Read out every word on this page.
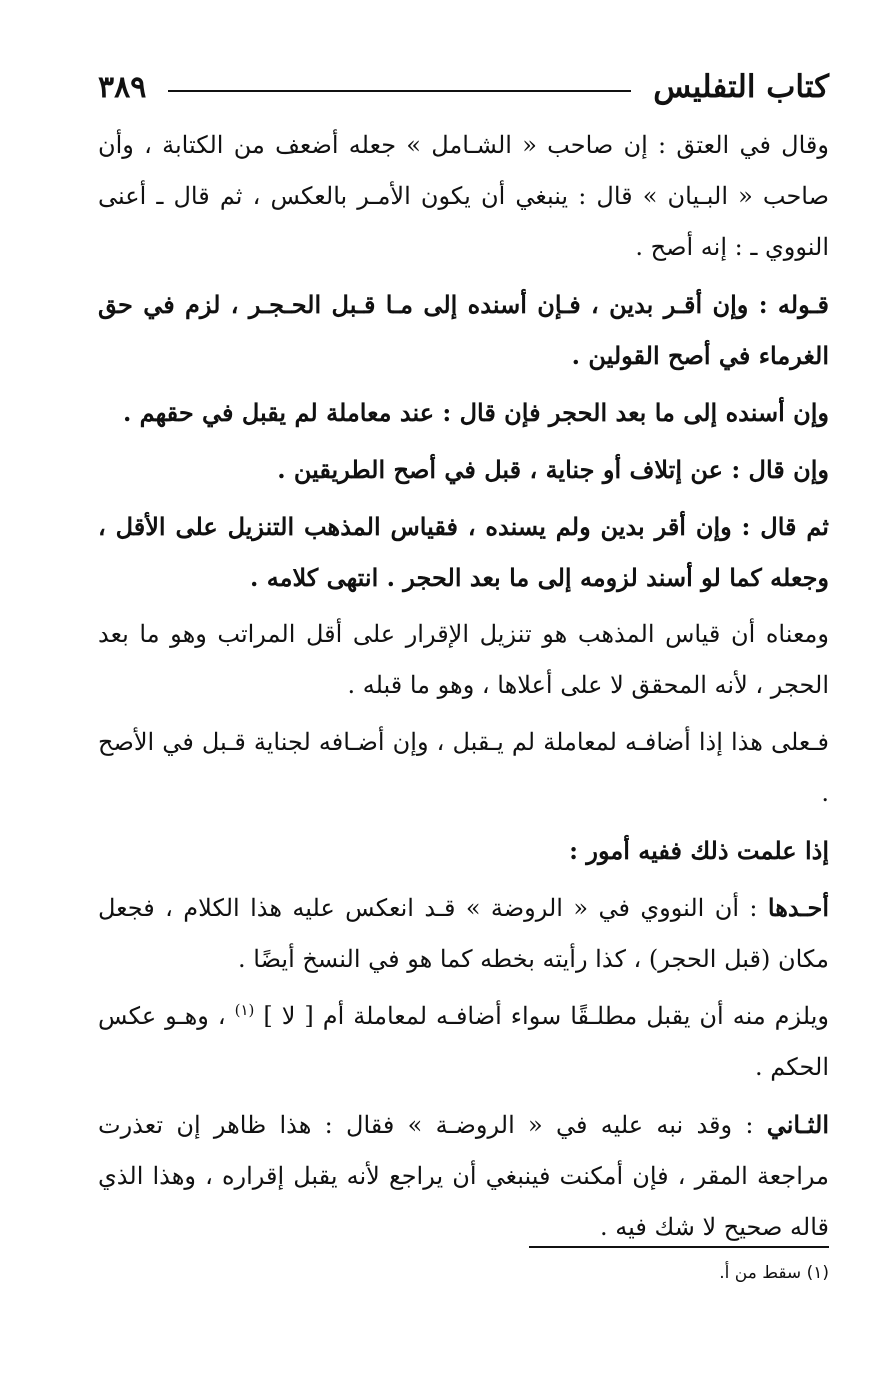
كتاب التفليس
٣٨٩

وقال في العتق : إن صاحب « الشـامل » جعله أضعف من الكتابة ، وأن صاحب « البـيان » قال : ينبغي أن يكون الأمـر بالعكس ، ثم قال ـ أعنى النووي ـ : إنه أصح .

قـوله : وإن أقـر بدين ، فـإن أسنده إلى مـا قـبل الحـجـر ، لزم في حق الغرماء في أصح القولين .

وإن أسنده إلى ما بعد الحجر فإن قال : عند معاملة لم يقبل في حقهم .

وإن قال : عن إتلاف أو جناية ، قبل في أصح الطريقين .

ثم قال : وإن أقر بدين ولم يسنده ، فقياس المذهب التنزيل على الأقل ، وجعله كما لو أسند لزومه إلى ما بعد الحجر . انتهى كلامه .

ومعناه أن قياس المذهب هو تنزيل الإقرار على أقل المراتب وهو ما بعد الحجر ، لأنه المحقق لا على أعلاها ، وهو ما قبله .

فـعلى هذا إذا أضافـه لمعاملة لم يـقبل ، وإن أضـافه لجناية قـبل في الأصح .

إذا علمت ذلك ففيه أمور :

أحـدها : أن النووي في « الروضة » قـد انعكس عليه هذا الكلام ، فجعل مكان (قبل الحجر) ، كذا رأيته بخطه كما هو في النسخ أيضًا .

ويلزم منه أن يقبل مطلـقًا سواء أضافـه لمعاملة أم [ لا ] $^{(١)}$ ، وهـو عكس الحكم .

الثـاني : وقد نبه عليه في « الروضـة » فقال : هذا ظاهر إن تعذرت مراجعة المقر ، فإن أمكنت فينبغي أن يراجع لأنه يقبل إقراره ، وهذا الذي قاله صحيح لا شك فيه .

(١) سقط من أ.
